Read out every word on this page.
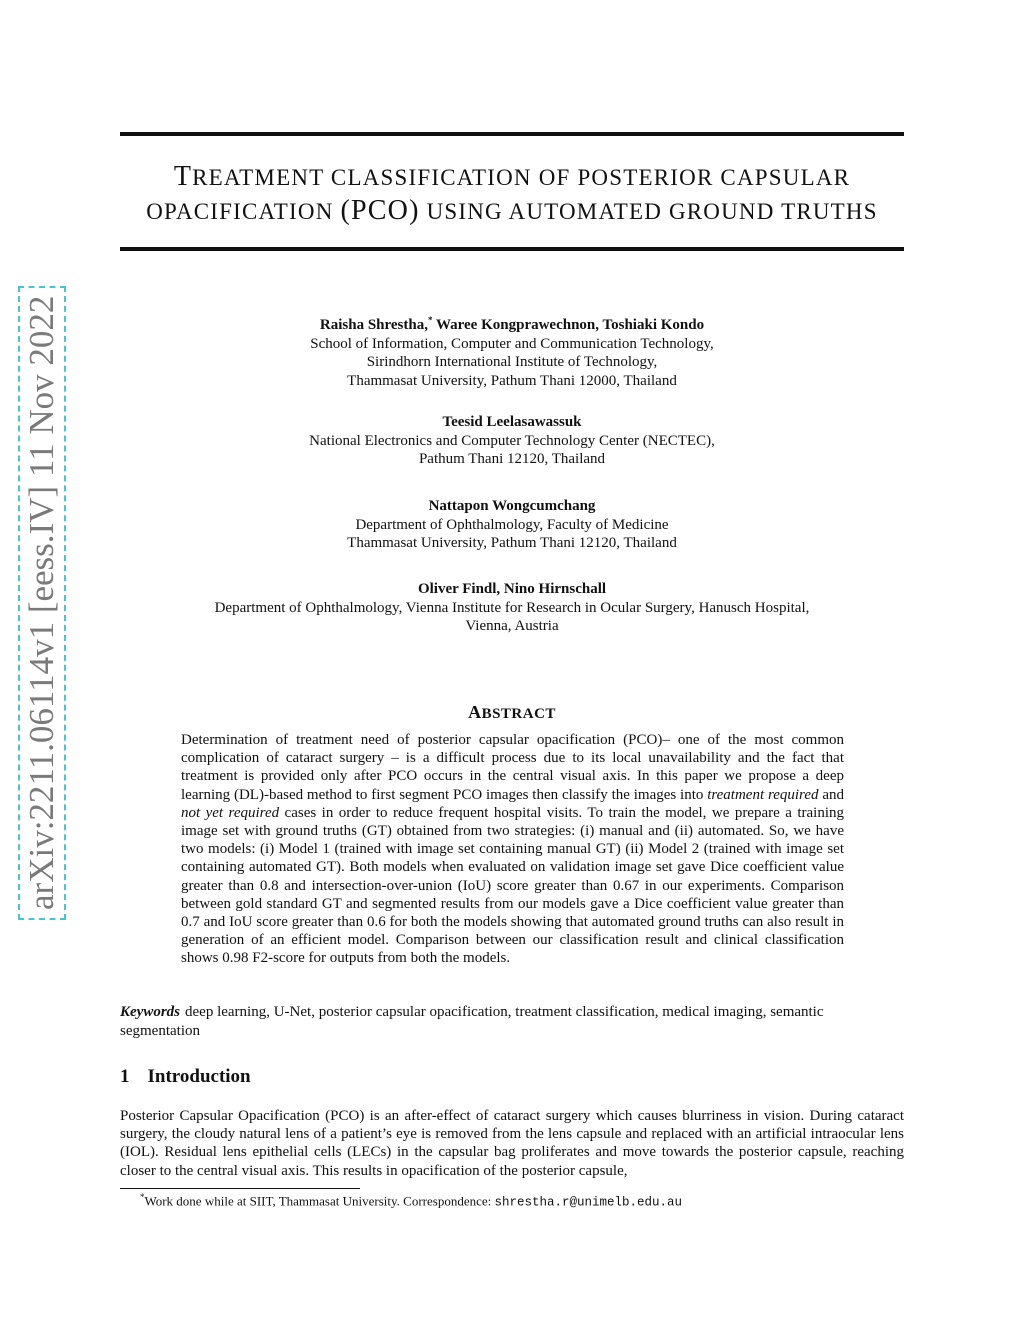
arXiv:2211.06114v1 [eess.IV] 11 Nov 2022
TREATMENT CLASSIFICATION OF POSTERIOR CAPSULAR
OPACIFICATION (PCO) USING AUTOMATED GROUND TRUTHS
Raisha Shrestha,* Waree Kongprawechnon, Toshiaki Kondo
School of Information, Computer and Communication Technology,
Sirindhorn International Institute of Technology,
Thammasat University, Pathum Thani 12000, Thailand
Teesid Leelasawassuk
National Electronics and Computer Technology Center (NECTEC),
Pathum Thani 12120, Thailand
Nattapon Wongcumchang
Department of Ophthalmology, Faculty of Medicine
Thammasat University, Pathum Thani 12120, Thailand
Oliver Findl, Nino Hirnschall
Department of Ophthalmology, Vienna Institute for Research in Ocular Surgery, Hanusch Hospital,
Vienna, Austria
ABSTRACT
Determination of treatment need of posterior capsular opacification (PCO)– one of the most common complication of cataract surgery – is a difficult process due to its local unavailability and the fact that treatment is provided only after PCO occurs in the central visual axis. In this paper we propose a deep learning (DL)-based method to first segment PCO images then classify the images into treatment required and not yet required cases in order to reduce frequent hospital visits. To train the model, we prepare a training image set with ground truths (GT) obtained from two strategies: (i) manual and (ii) automated. So, we have two models: (i) Model 1 (trained with image set containing manual GT) (ii) Model 2 (trained with image set containing automated GT). Both models when evaluated on validation image set gave Dice coefficient value greater than 0.8 and intersection-over-union (IoU) score greater than 0.67 in our experiments. Comparison between gold standard GT and segmented results from our models gave a Dice coefficient value greater than 0.7 and IoU score greater than 0.6 for both the models showing that automated ground truths can also result in generation of an efficient model. Comparison between our classification result and clinical classification shows 0.98 F2-score for outputs from both the models.
Keywords deep learning, U-Net, posterior capsular opacification, treatment classification, medical imaging, semantic segmentation
1 Introduction
Posterior Capsular Opacification (PCO) is an after-effect of cataract surgery which causes blurriness in vision. During cataract surgery, the cloudy natural lens of a patient’s eye is removed from the lens capsule and replaced with an artificial intraocular lens (IOL). Residual lens epithelial cells (LECs) in the capsular bag proliferates and move towards the posterior capsule, reaching closer to the central visual axis. This results in opacification of the posterior capsule,
*Work done while at SIIT, Thammasat University. Correspondence: shrestha.r@unimelb.edu.au
